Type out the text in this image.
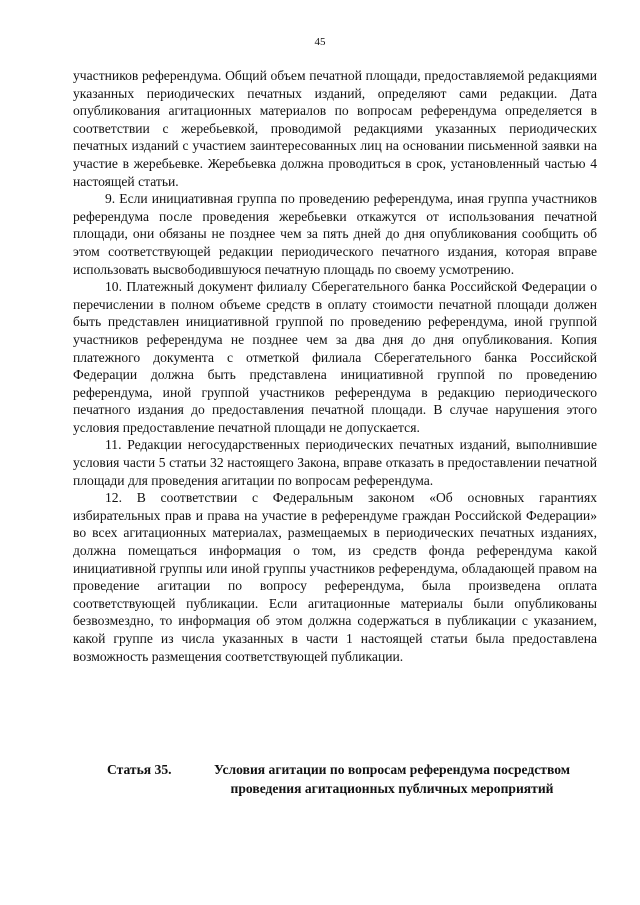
45

участников референдума. Общий объем печатной площади, предоставляемой редакциями указанных периодических печатных изданий, определяют сами редакции. Дата опубликования агитационных материалов по вопросам референдума определяется в соответствии с жеребьевкой, проводимой редакциями указанных периодических печатных изданий с участием заинтересованных лиц на основании письменной заявки на участие в жеребьевке. Жеребьевка должна проводиться в срок, установленный частью 4 настоящей статьи.

9. Если инициативная группа по проведению референдума, иная группа участников референдума после проведения жеребьевки откажутся от использования печатной площади, они обязаны не позднее чем за пять дней до дня опубликования сообщить об этом соответствующей редакции периодического печатного издания, которая вправе использовать высвободившуюся печатную площадь по своему усмотрению.

10. Платежный документ филиалу Сберегательного банка Российской Федерации о перечислении в полном объеме средств в оплату стоимости печатной площади должен быть представлен инициативной группой по проведению референдума, иной группой участников референдума не позднее чем за два дня до дня опубликования. Копия платежного документа с отметкой филиала Сберегательного банка Российской Федерации должна быть представлена инициативной группой по проведению референдума, иной группой участников референдума в редакцию периодического печатного издания до предоставления печатной площади. В случае нарушения этого условия предоставление печатной площади не допускается.

11. Редакции негосударственных периодических печатных изданий, выполнившие условия части 5 статьи 32 настоящего Закона, вправе отказать в предоставлении печатной площади для проведения агитации по вопросам референдума.

12. В соответствии с Федеральным законом «Об основных гарантиях избирательных прав и права на участие в референдуме граждан Российской Федерации» во всех агитационных материалах, размещаемых в периодических печатных изданиях, должна помещаться информация о том, из средств фонда референдума какой инициативной группы или иной группы участников референдума, обладающей правом на проведение агитации по вопросу референдума, была произведена оплата соответствующей публикации. Если агитационные материалы были опубликованы безвозмездно, то информация об этом должна содержаться в публикации с указанием, какой группе из числа указанных в части 1 настоящей статьи была предоставлена возможность размещения соответствующей публикации.

Статья 35.	Условия агитации по вопросам референдума посредством проведения агитационных публичных мероприятий
